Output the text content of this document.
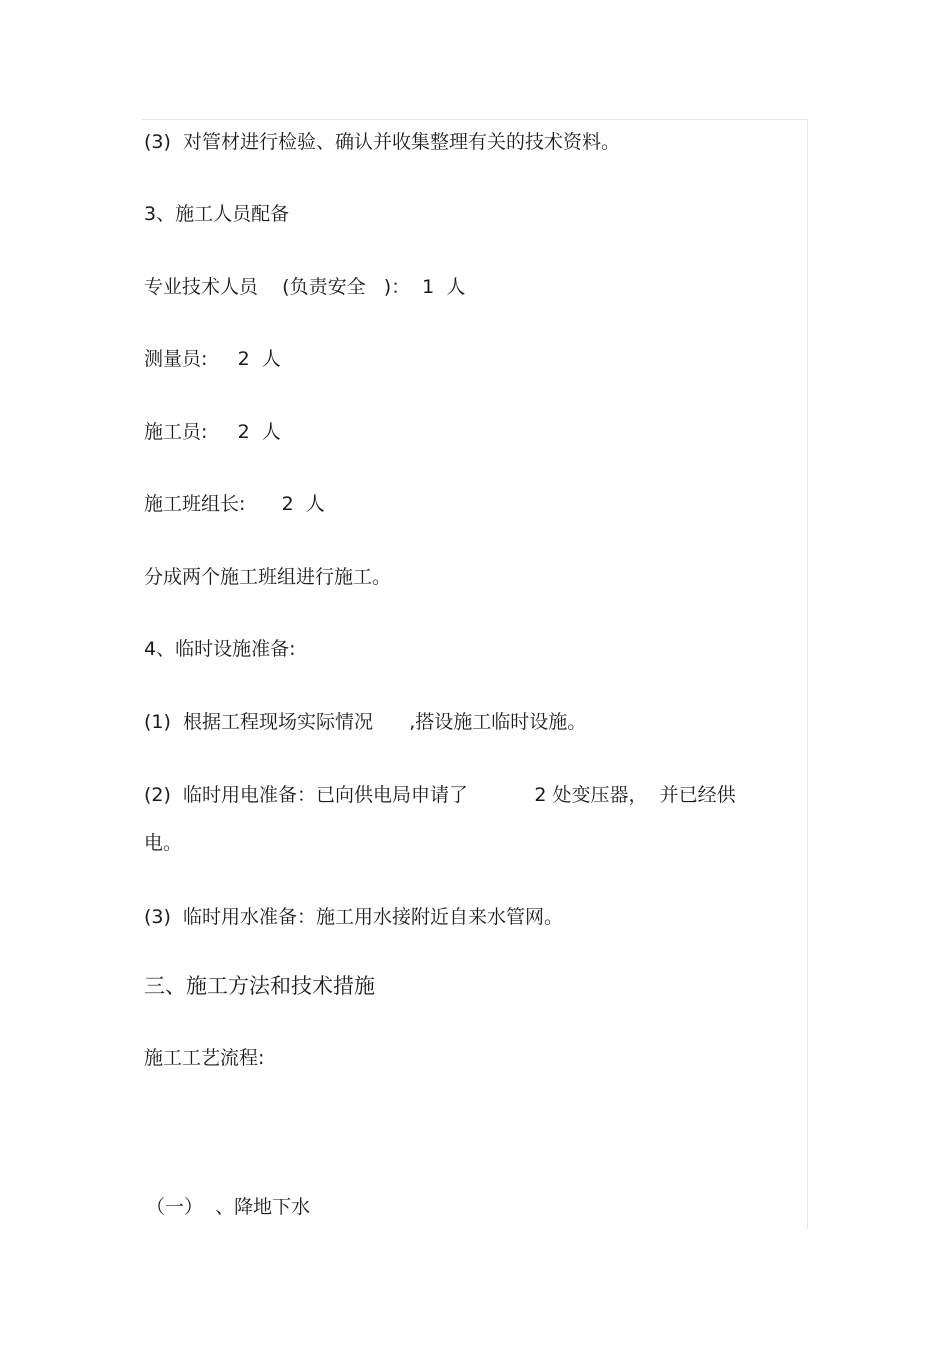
(3)  对管材进行检验、确认并收集整理有关的技术资料。
3、施工人员配备
专业技术人员    (负责安全   )：  1  人
测量员:     2  人
施工员:     2  人
施工班组长:      2  人
分成两个施工班组进行施工。
4、临时设施准备:
(1)  根据工程现场实际情况      ,搭设施工临时设施。
(2)  临时用电准备：已向供电局申请了           2 处变压器，  并已经供
电。
(3)  临时用水准备：施工用水接附近自来水管网。
三、施工方法和技术措施
施工工艺流程:
（一）  、降地下水
